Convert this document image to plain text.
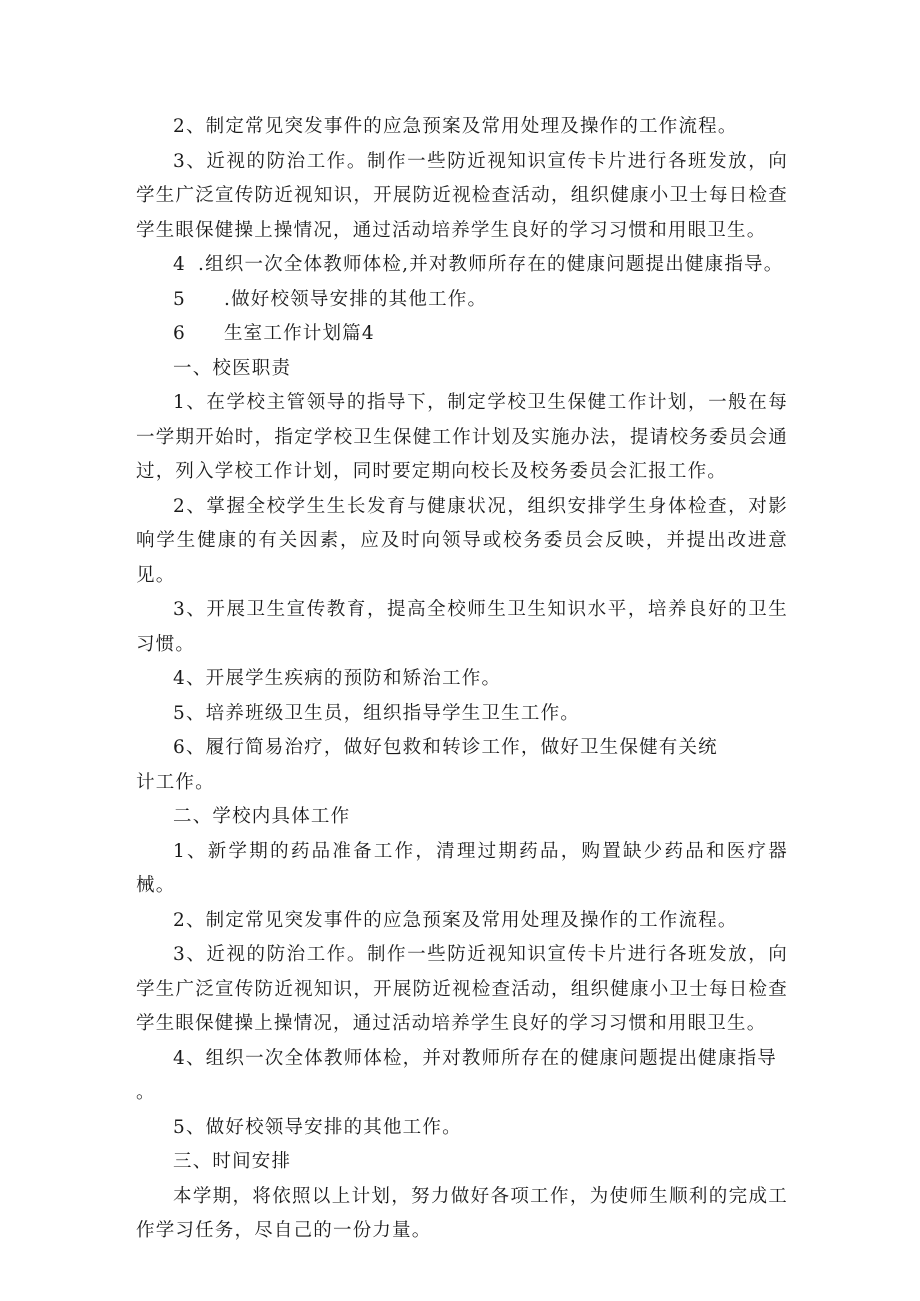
2、制定常见突发事件的应急预案及常用处理及操作的工作流程。

3、近视的防治工作。制作一些防近视知识宣传卡片进行各班发放，向学生广泛宣传防近视知识，开展防近视检查活动，组织健康小卫士每日检查学生眼保健操上操情况，通过活动培养学生良好的学习习惯和用眼卫生。

4 .组织一次全体教师体检,并对教师所存在的健康问题提出健康指导。

5 .做好校领导安排的其他工作。

6 生室工作计划篇4

一、校医职责

1、在学校主管领导的指导下，制定学校卫生保健工作计划，一般在每一学期开始时，指定学校卫生保健工作计划及实施办法，提请校务委员会通过，列入学校工作计划，同时要定期向校长及校务委员会汇报工作。

2、掌握全校学生生长发育与健康状况，组织安排学生身体检查，对影响学生健康的有关因素，应及时向领导或校务委员会反映，并提出改进意见。

3、开展卫生宣传教育，提高全校师生卫生知识水平，培养良好的卫生习惯。

4、开展学生疾病的预防和矫治工作。

5、培养班级卫生员，组织指导学生卫生工作。

6、履行简易治疗，做好包救和转诊工作，做好卫生保健有关统

计工作。

二、学校内具体工作

1、新学期的药品准备工作，清理过期药品，购置缺少药品和医疗器械。

2、制定常见突发事件的应急预案及常用处理及操作的工作流程。

3、近视的防治工作。制作一些防近视知识宣传卡片进行各班发放，向学生广泛宣传防近视知识，开展防近视检查活动，组织健康小卫士每日检查学生眼保健操上操情况，通过活动培养学生良好的学习习惯和用眼卫生。

4、组织一次全体教师体检，并对教师所存在的健康问题提出健康指导

。

5、做好校领导安排的其他工作。

三、时间安排

本学期，将依照以上计划，努力做好各项工作，为使师生顺利的完成工作学习任务，尽自己的一份力量。
